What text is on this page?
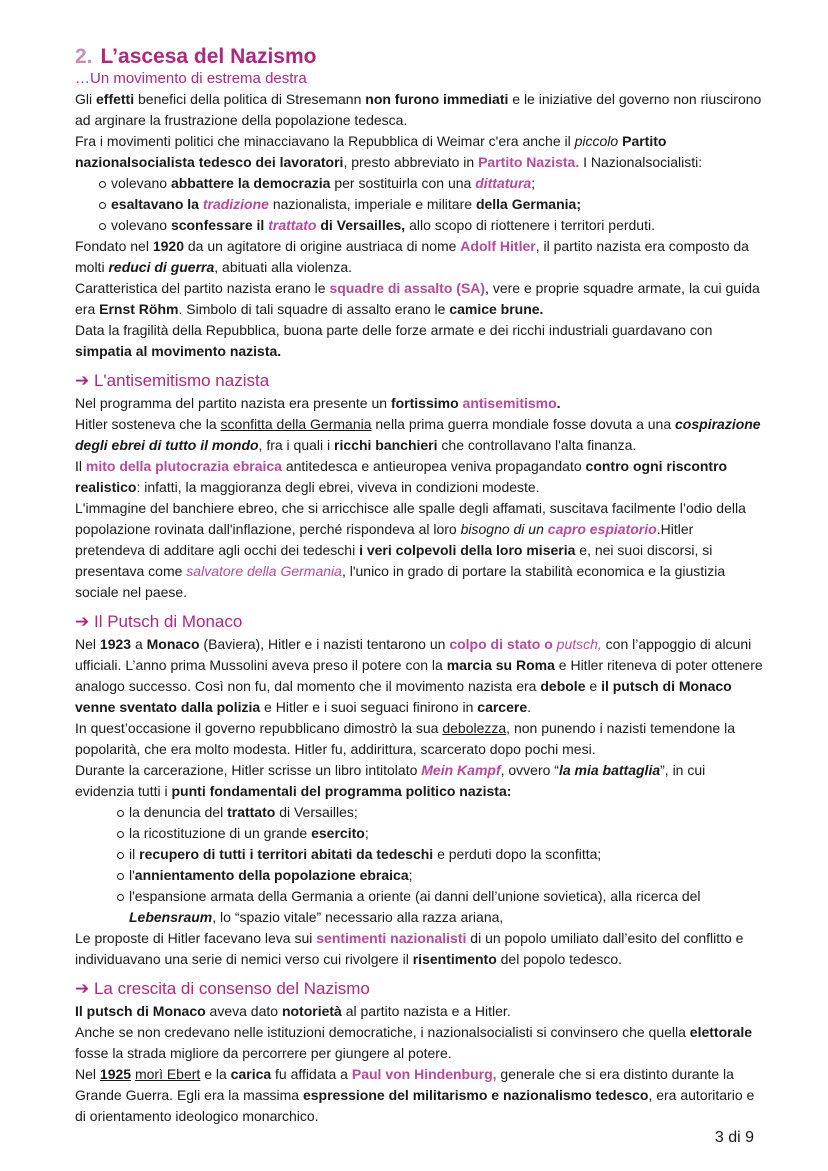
2. L’ascesa del Nazismo
…Un movimento di estrema destra

Gli effetti benefici della politica di Stresemann non furono immediati e le iniziative del governo non riuscirono ad arginare la frustrazione della popolazione tedesca.

Fra i movimenti politici che minacciavano la Repubblica di Weimar c'era anche il piccolo Partito nazionalsocialista tedesco dei lavoratori, presto abbreviato in Partito Nazista. I Nazionalsocialisti:

volevano abbattere la democrazia per sostituirla con una dittatura;
esaltavano la tradizione nazionalista, imperiale e militare della Germania;
volevano sconfessare il trattato di Versailles, allo scopo di riottenere i territori perduti.

Fondato nel 1920 da un agitatore di origine austriaca di nome Adolf Hitler, il partito nazista era composto da molti reduci di guerra, abituati alla violenza.

Caratteristica del partito nazista erano le squadre di assalto (SA), vere e proprie squadre armate, la cui guida era Ernst Röhm. Simbolo di tali squadre di assalto erano le camice brune.

Data la fragilità della Repubblica, buona parte delle forze armate e dei ricchi industriali guardavano con simpatia al movimento nazista.

➔ L'antisemitismo nazista

Nel programma del partito nazista era presente un fortissimo antisemitismo.

Hitler sosteneva che la sconfitta della Germania nella prima guerra mondiale fosse dovuta a una cospirazione degli ebrei di tutto il mondo, fra i quali i ricchi banchieri che controllavano l'alta finanza.

Il mito della plutocrazia ebraica antitedesca e antieuropea veniva propagandato contro ogni riscontro realistico: infatti, la maggioranza degli ebrei, viveva in condizioni modeste.

L'immagine del banchiere ebreo, che si arricchisce alle spalle degli affamati, suscitava facilmente l’odio della popolazione rovinata dall'inflazione, perché rispondeva al loro bisogno di un capro espiatorio.Hitler pretendeva di additare agli occhi dei tedeschi i veri colpevoli della loro miseria e, nei suoi discorsi, si presentava come salvatore della Germania, l'unico in grado di portare la stabilità economica e la giustizia sociale nel paese.

➔ Il Putsch di Monaco

Nel 1923 a Monaco (Baviera), Hitler e i nazisti tentarono un colpo di stato o putsch, con l’appoggio di alcuni ufficiali. L’anno prima Mussolini aveva preso il potere con la marcia su Roma e Hitler riteneva di poter ottenere analogo successo. Così non fu, dal momento che il movimento nazista era debole e il putsch di Monaco venne sventato dalla polizia e Hitler e i suoi seguaci finirono in carcere.

In quest’occasione il governo repubblicano dimostrò la sua debolezza, non punendo i nazisti temendone la popolarità, che era molto modesta. Hitler fu, addirittura, scarcerato dopo pochi mesi.

Durante la carcerazione, Hitler scrisse un libro intitolato Mein Kampf, ovvero “la mia battaglia”, in cui evidenzia tutti i punti fondamentali del programma politico nazista:

la denuncia del trattato di Versailles;
la ricostituzione di un grande esercito;
il recupero di tutti i territori abitati da tedeschi e perduti dopo la sconfitta;
l'annientamento della popolazione ebraica;
l'espansione armata della Germania a oriente (ai danni dell’unione sovietica), alla ricerca del Lebensraum, lo “spazio vitale” necessario alla razza ariana,

Le proposte di Hitler facevano leva sui sentimenti nazionalisti di un popolo umiliato dall’esito del conflitto e individuavano una serie di nemici verso cui rivolgere il risentimento del popolo tedesco.

➔ La crescita di consenso del Nazismo

Il putsch di Monaco aveva dato notorietà al partito nazista e a Hitler.

Anche se non credevano nelle istituzioni democratiche, i nazionalsocialisti si convinsero che quella elettorale fosse la strada migliore da percorrere per giungere al potere.

Nel 1925 morì Ebert e la carica fu affidata a Paul von Hindenburg, generale che si era distinto durante la Grande Guerra. Egli era la massima espressione del militarismo e nazionalismo tedesco, era autoritario e di orientamento ideologico monarchico.

3 di 9
